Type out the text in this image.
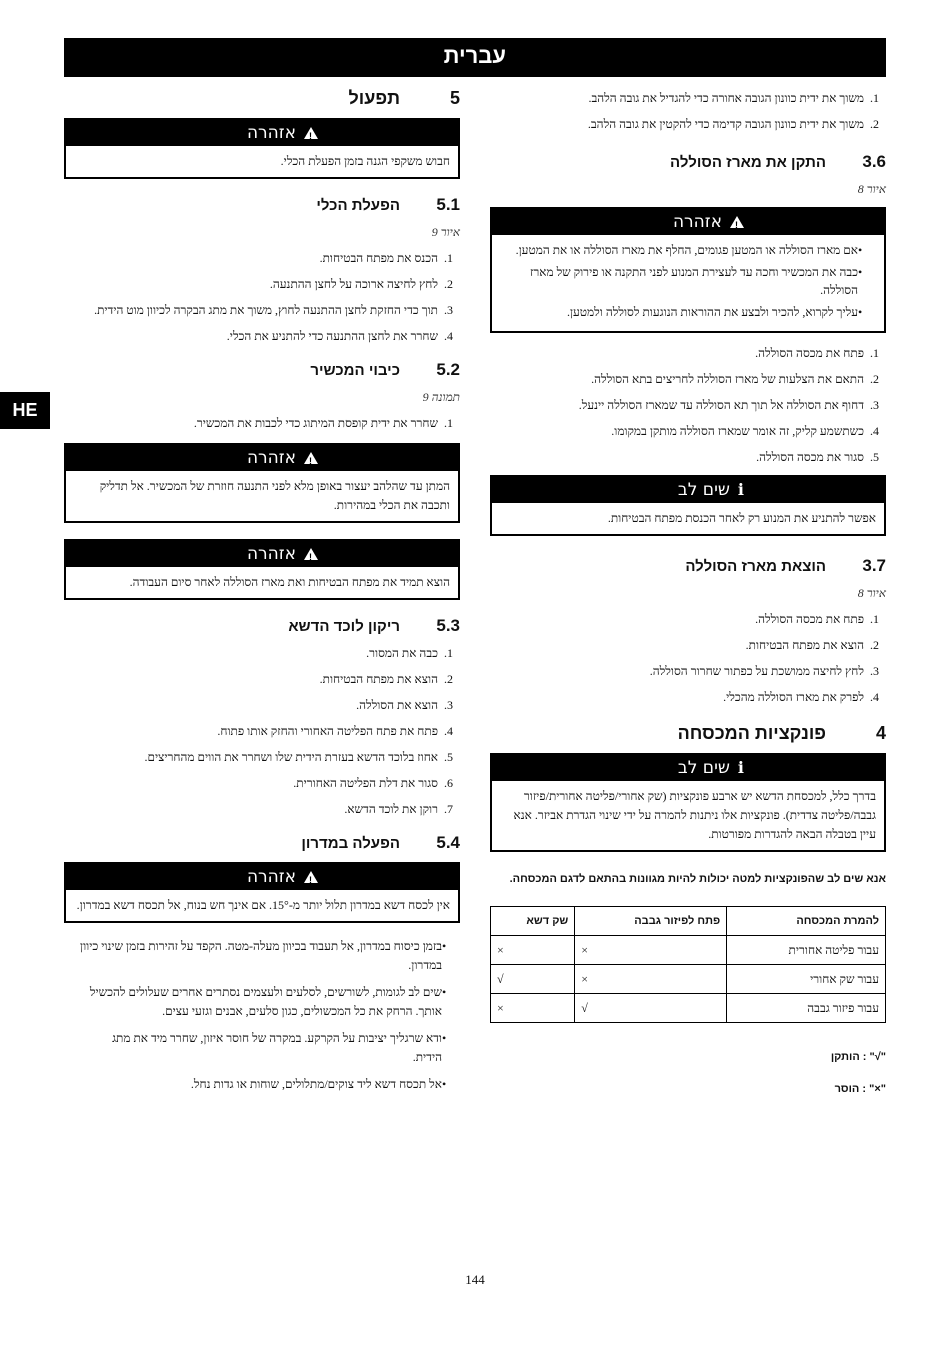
עברית
HE
.1
משוך את ידית כוונון הגובה אחורה כדי להגדיל את גובה הלהב.
.2
משוך את ידית כוונון הגובה קדימה כדי להקטין את גובה הלהב.
3.6
התקן את מארז הסוללה
איור 8
!
אזהרה
•
אם מארז הסוללה או המטען פגומים, החלף את מארז הסוללה או את המטען.
•
כבה את המכשיר וחכה עד לעצירת המנוע לפני התקנה או פירוק של מארז הסוללה.
•
עליך לקרוא, להכיר ולבצע את ההוראות הנוגעות לסוללה ולמטען.
.1
פתח את מכסה הסוללה.
.2
התאם את הצלעות של מארז הסוללה לחריצים בתא הסוללה.
.3
דחוף את הסוללה אל תוך תא הסוללה עד שמארז הסוללה יינעל.
.4
כשתשמע קליק, זה אומר שמארז הסוללה מותקן במקומו.
.5
סגור את מכסה הסוללה.
i
שים לב
אפשר להתניע את המנוע רק לאחר הכנסת מפתח הבטיחות.
3.7
הוצאת מארז הסוללה
איור 8
.1
פתח את מכסה הסוללה.
.2
הוצא את מפתח הבטיחות.
.3
לחץ לחיצה ממושכת על כפתור שחרור הסוללה.
.4
לפרק את מארז הסוללה מהכלי.
4
פונקציות המכסחה
i
שים לב
בדרך כלל, למכסחת הדשא יש ארבע פונקציות (שק אחורי/פליטה אחורית/פיזור גבבה/פליטה צדדית). פונקציות אלו ניתנות להמרה על ידי שינוי הגדרת אביזר. אנא עיין בטבלה הבאה להגדרות מפורטות.
אנא שים לב שהפונקציות למטה יכולות להיות מגוונות בהתאם לדגם המכסחה.
להמרת המכסחה	פתח לפיזור גבבה	שק דשא
עבור פליטה אחורית	×	×
עבור שק אחורי	×	√
עבור פיזור גבבה	√	×
"√" : הותקן
"×" : הוסר
5
תפעול
!
אזהרה
חבוש משקפי הגנה בזמן הפעלת הכלי.
5.1
הפעלת הכלי
איור 9
.1
הכנס את מפתח הבטיחות.
.2
לחץ לחיצה ארוכה על לחצן ההתנעה.
.3
תוך כדי החזקת לחצן ההתנעה לחוץ, משוך את מתג הבקרה לכיוון מוט הידית.
.4
שחרר את לחצן ההתנעה כדי להתניע את הכלי.
5.2
כיבוי המכשיר
תמונה 9
.1
שחרר את ידית קופסת המיתוג כדי לכבות את המכשיר.
!
אזהרה
המתן עד שהלהב יעצור באופן מלא לפני התנעה חוזרת של המכשיר. אל תדליק ותכבה את הכלי במהירות.
!
אזהרה
הוצא תמיד את מפתח הבטיחות ואת מארז הסוללה לאחר סיום העבודה.
5.3
ריקון לוכד הדשא
.1
כבה את המסור.
.2
הוצא את מפתח הבטיחות.
.3
הוצא את הסוללה.
.4
פתח את פתח הפליטה האחורי והחזק אותו פתוח.
.5
אחוז בלוכד הדשא בעזרת הידית שלו ושחרר את הווים מהחריצים.
.6
סגור את דלת הפליטה האחורית.
.7
רוקן את לוכד הדשא.
5.4
הפעלה במדרון
!
אזהרה
אין לכסח דשא במדרון תלול יותר מ-15°. אם אינך חש בנוח, אל תכסח דשא במדרון.
•
בזמן כיסוח במדרון, אל תעבוד בכיוון מעלה-מטה. הקפד על זהירות בזמן שינוי כיוון במדרון.
•
שים לב לגומות, לשורשים, לסלעים ולעצמים נסתרים אחרים שעלולים להכשיל אותך. הרחק את כל המכשולים, כגון סלעים, אבנים וגזעי עצים.
•
ודא שרגליך יציבות על הקרקע. במקרה של חוסר איזון, שחרר מיד את מתג הידית.
•
אל תכסח דשא ליד צוקים/מתלולים, שוחות או גדות נחל.
144
